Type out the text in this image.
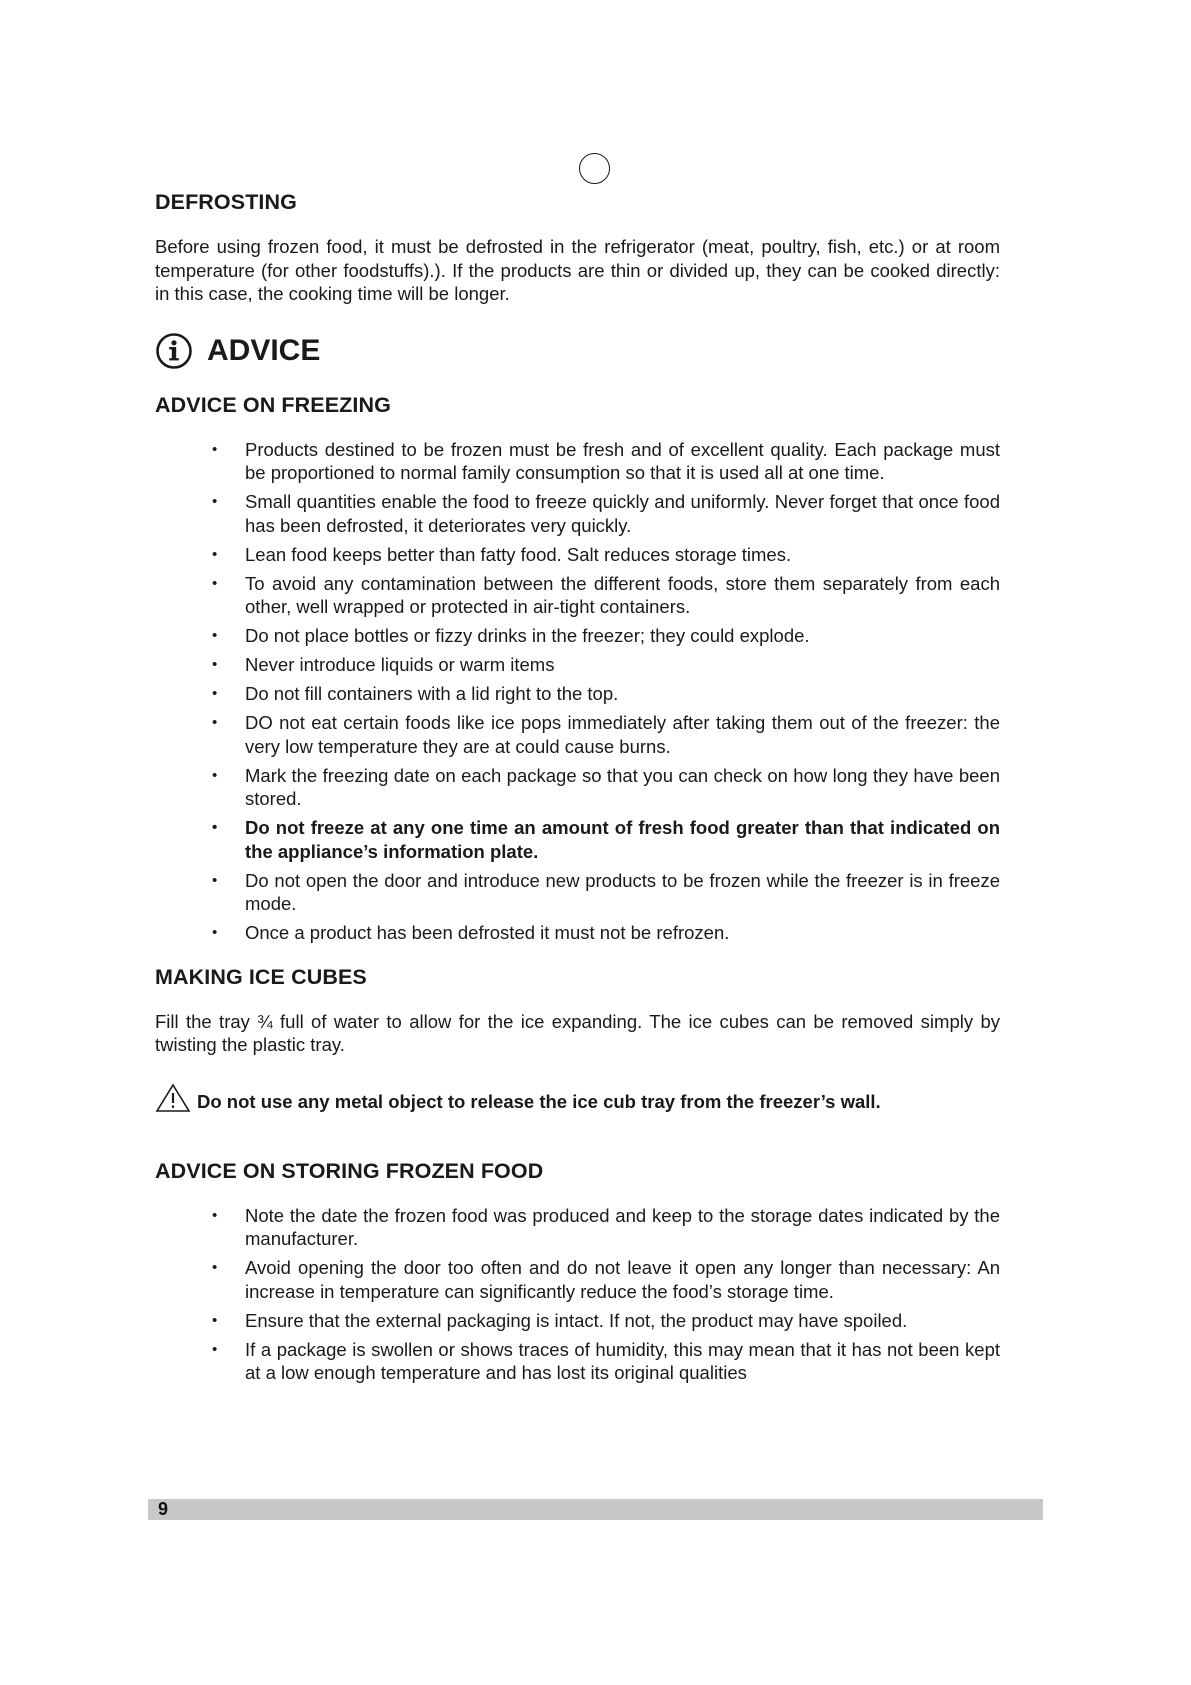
DEFROSTING

Before using frozen food, it must be defrosted in the refrigerator (meat, poultry, fish, etc.) or at room temperature (for other foodstuffs).). If the products are thin or divided up, they can be cooked directly: in this case, the cooking time will be longer.

ADVICE
ADVICE ON FREEZING
• Products destined to be frozen must be fresh and of excellent quality. Each package must be proportioned to normal family consumption so that it is used all at one time.
• Small quantities enable the food to freeze quickly and uniformly. Never forget that once food has been defrosted, it deteriorates very quickly.
• Lean food keeps better than fatty food. Salt reduces storage times.
• To avoid any contamination between the different foods, store them separately from each other, well wrapped or protected in air-tight containers.
• Do not place bottles or fizzy drinks in the freezer; they could explode.
• Never introduce liquids or warm items
• Do not fill containers with a lid right to the top.
• DO not eat certain foods like ice pops immediately after taking them out of the freezer: the very low temperature they are at could cause burns.
• Mark the freezing date on each package so that you can check on how long they have been stored.
• Do not freeze at any one time an amount of fresh food greater than that indicated on the appliance’s information plate.
• Do not open the door and introduce new products to be frozen while the freezer is in freeze mode.
• Once a product has been defrosted it must not be refrozen.
MAKING ICE CUBES

Fill the tray ¾ full of water to allow for the ice expanding. The ice cubes can be removed simply by twisting the plastic tray.

Do not use any metal object to release the ice cub tray from the freezer’s wall.
ADVICE ON STORING FROZEN FOOD
• Note the date the frozen food was produced and keep to the storage dates indicated by the manufacturer.
• Avoid opening the door too often and do not leave it open any longer than necessary: An increase in temperature can significantly reduce the food’s storage time.
• Ensure that the external packaging is intact. If not, the product may have spoiled.
• If a package is swollen or shows traces of humidity, this may mean that it has not been kept at a low enough temperature and has lost its original qualities
9
